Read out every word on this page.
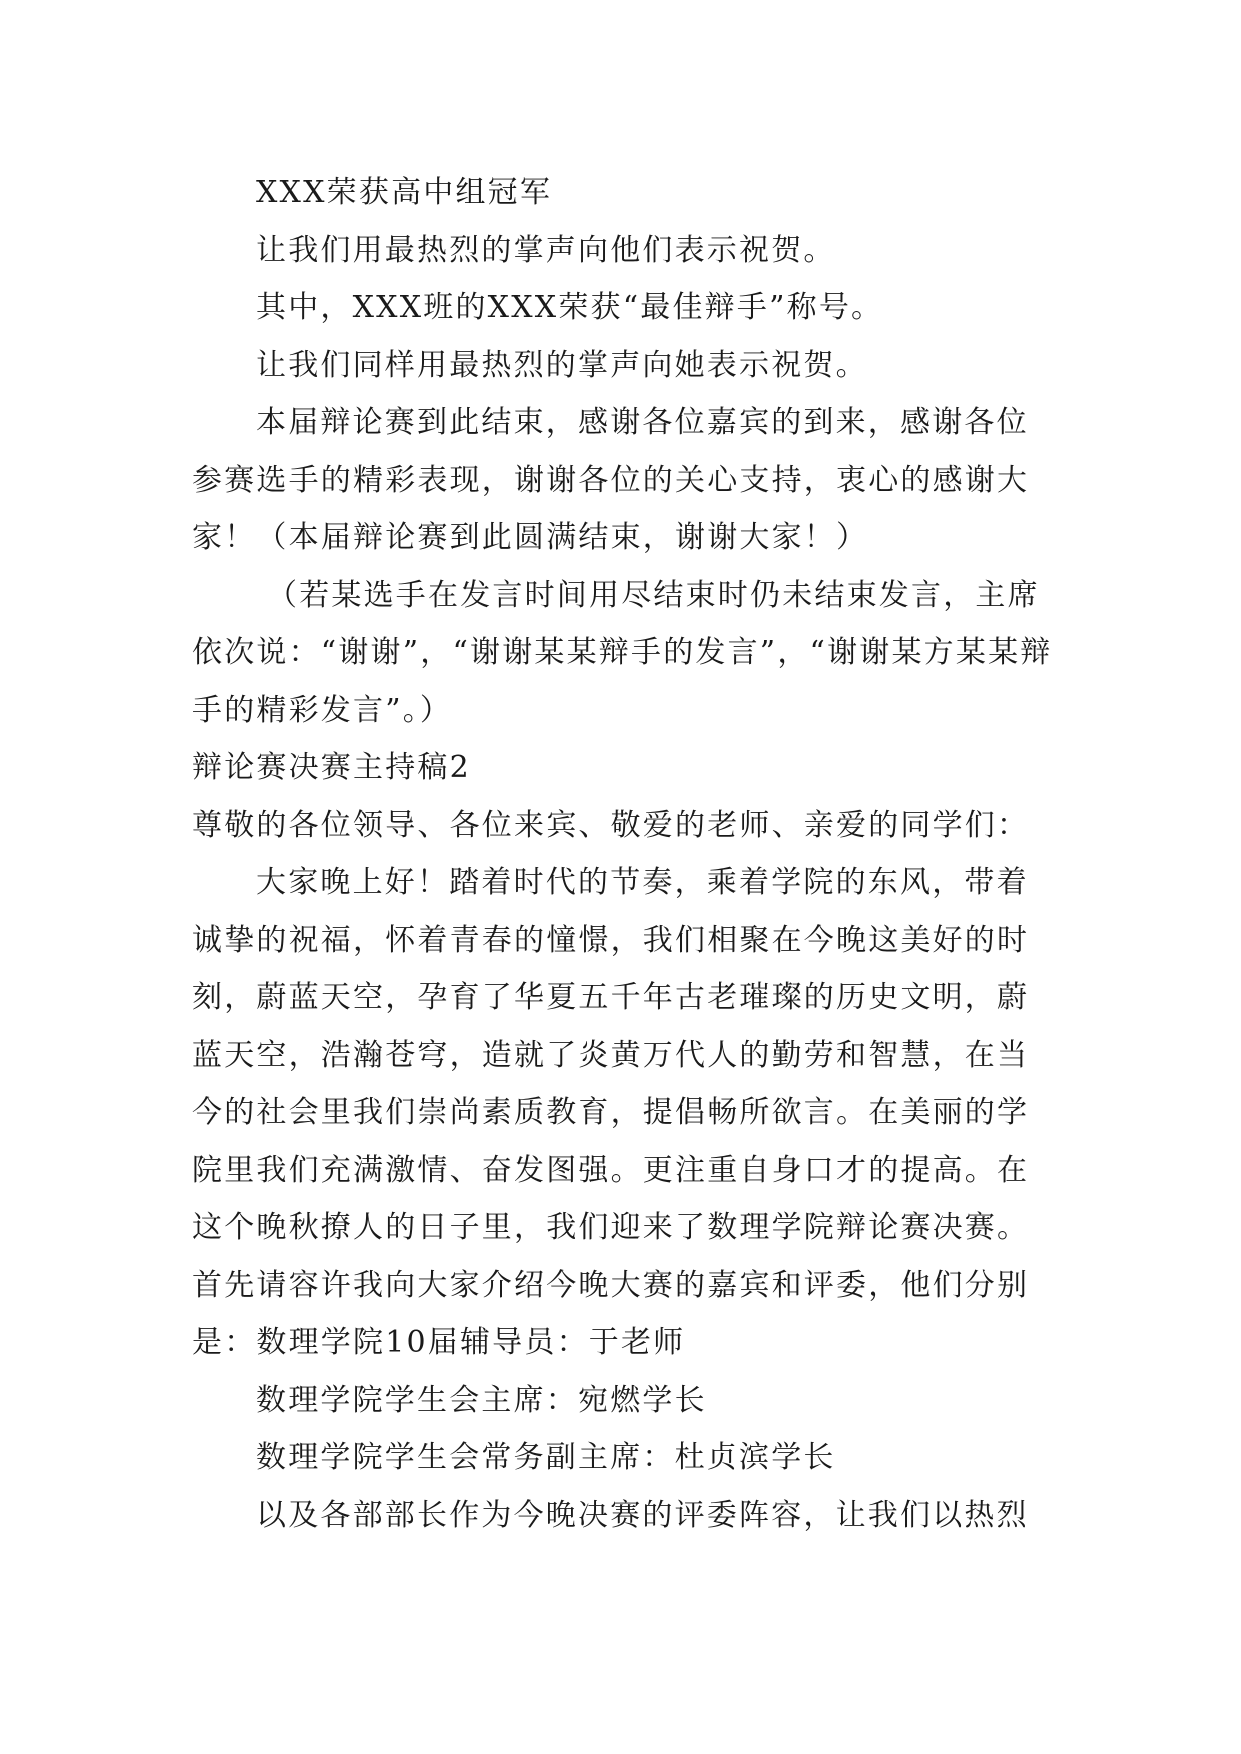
XXX荣获高中组冠军

让我们用最热烈的掌声向他们表示祝贺。

其中，XXX班的XXX荣获“最佳辩手”称号。

让我们同样用最热烈的掌声向她表示祝贺。

本届辩论赛到此结束，感谢各位嘉宾的到来，感谢各位参赛选手的精彩表现，谢谢各位的关心支持，衷心的感谢大家！（本届辩论赛到此圆满结束，谢谢大家！）

（若某选手在发言时间用尽结束时仍未结束发言，主席依次说：“谢谢”，“谢谢某某辩手的发言”，“谢谢某方某某辩手的精彩发言”。）

辩论赛决赛主持稿2

尊敬的各位领导、各位来宾、敬爱的老师、亲爱的同学们：

大家晚上好！踏着时代的节奏，乘着学院的东风，带着诚挚的祝福，怀着青春的憧憬，我们相聚在今晚这美好的时刻，蔚蓝天空，孕育了华夏五千年古老璀璨的历史文明，蔚蓝天空，浩瀚苍穹，造就了炎黄万代人的勤劳和智慧，在当今的社会里我们崇尚素质教育，提倡畅所欲言。在美丽的学院里我们充满激情、奋发图强。更注重自身口才的提高。在这个晚秋撩人的日子里，我们迎来了数理学院辩论赛决赛。首先请容许我向大家介绍今晚大赛的嘉宾和评委，他们分别是：数理学院10届辅导员：于老师

数理学院学生会主席：宛燃学长

数理学院学生会常务副主席：杜贞滨学长

以及各部部长作为今晚决赛的评委阵容，让我们以热烈
